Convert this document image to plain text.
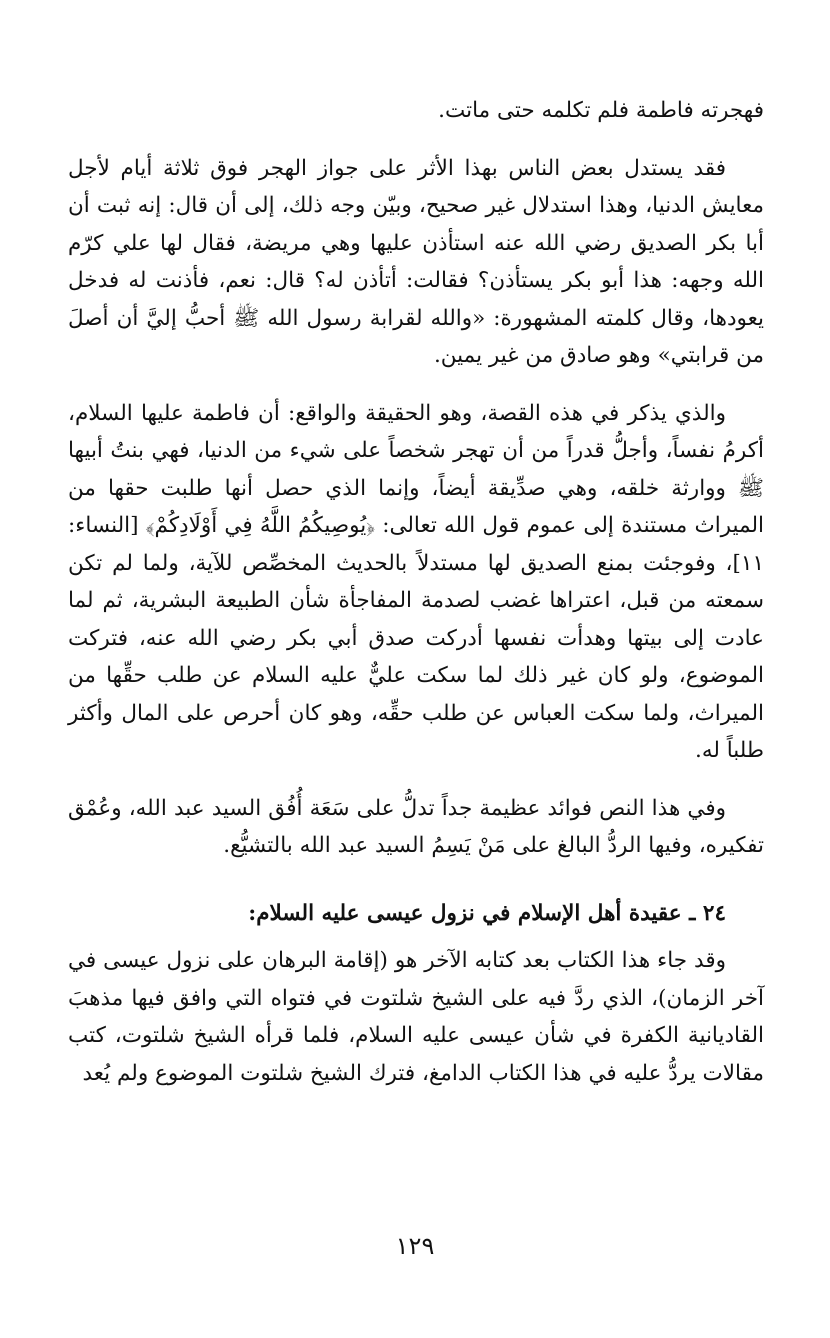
فهجرته فاطمة فلم تكلمه حتى ماتت.

فقد يستدل بعض الناس بهذا الأثر على جواز الهجر فوق ثلاثة أيام لأجل معايش الدنيا، وهذا استدلال غير صحيح، وبيّن وجه ذلك، إلى أن قال: إنه ثبت أن أبا بكر الصديق رضي الله عنه استأذن عليها وهي مريضة، فقال لها علي كرّم الله وجهه: هذا أبو بكر يستأذن؟ فقالت: أتأذن له؟ قال: نعم، فأذنت له فدخل يعودها، وقال كلمته المشهورة: «والله لقرابة رسول الله ﷺ أحبُّ إليَّ أن أصلَ من قرابتي» وهو صادق من غير يمين.

والذي يذكر في هذه القصة، وهو الحقيقة والواقع: أن فاطمة عليها السلام، أكرمُ نفساً، وأجلُّ قدراً من أن تهجر شخصاً على شيء من الدنيا، فهي بنتُ أبيها ﷺ ووارثة خلقه، وهي صدِّيقة أيضاً، وإنما الذي حصل أنها طلبت حقها من الميراث مستندة إلى عموم قول الله تعالى: ﴿يُوصِيكُمُ اللَّهُ فِي أَوْلَادِكُمْ﴾ [النساء: ١١]، وفوجئت بمنع الصديق لها مستدلاً بالحديث المخصِّص للآية، ولما لم تكن سمعته من قبل، اعتراها غضب لصدمة المفاجأة شأن الطبيعة البشرية، ثم لما عادت إلى بيتها وهدأت نفسها أدركت صدق أبي بكر رضي الله عنه، فتركت الموضوع، ولو كان غير ذلك لما سكت عليٌّ عليه السلام عن طلب حقِّها من الميراث، ولما سكت العباس عن طلب حقِّه، وهو كان أحرص على المال وأكثر طلباً له.

وفي هذا النص فوائد عظيمة جداً تدلُّ على سَعَة أُفُق السيد عبد الله، وعُمْق تفكيره، وفيها الردُّ البالغ على مَنْ يَسِمُ السيد عبد الله بالتشيُّع.

٢٤ ـ عقيدة أهل الإسلام في نزول عيسى عليه السلام:

وقد جاء هذا الكتاب بعد كتابه الآخر هو (إقامة البرهان على نزول عيسى في آخر الزمان)، الذي ردَّ فيه على الشيخ شلتوت في فتواه التي وافق فيها مذهبَ القاديانية الكفرة في شأن عيسى عليه السلام، فلما قرأه الشيخ شلتوت، كتب مقالات يردُّ عليه في هذا الكتاب الدامغ، فترك الشيخ شلتوت الموضوع ولم يُعد

١٢٩
